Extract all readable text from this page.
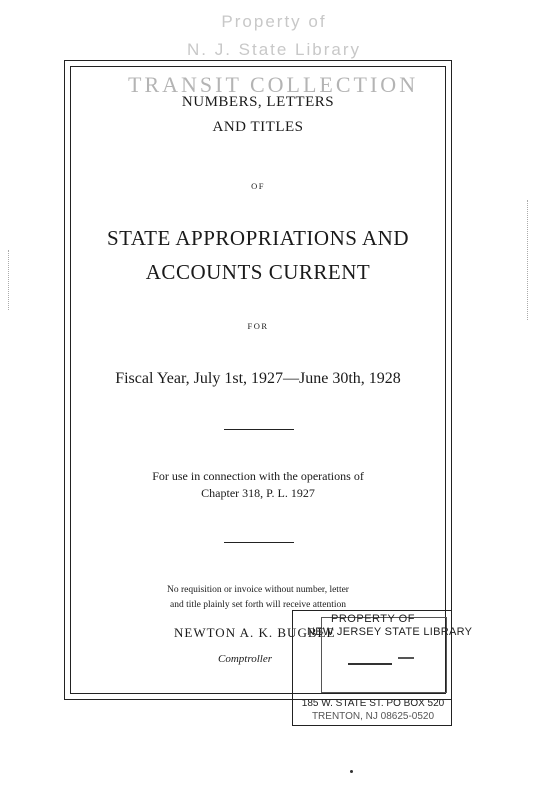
Property of
N. J. State Library
TRANSIT COLLECTION
NUMBERS, LETTERS
AND TITLES
OF
STATE APPROPRIATIONS AND
ACCOUNTS CURRENT
FOR
Fiscal Year, July 1st, 1927—June 30th, 1928
For use in connection with the operations of
Chapter 318, P. L. 1927
No requisition or invoice without number, letter
and title plainly set forth will receive attention
NEWTON A. K. BUGBEE
Comptroller
PROPERTY OF
NEW JERSEY STATE LIBRARY
185 W. STATE ST. PO BOX 520
TRENTON, NJ 08625-0520
